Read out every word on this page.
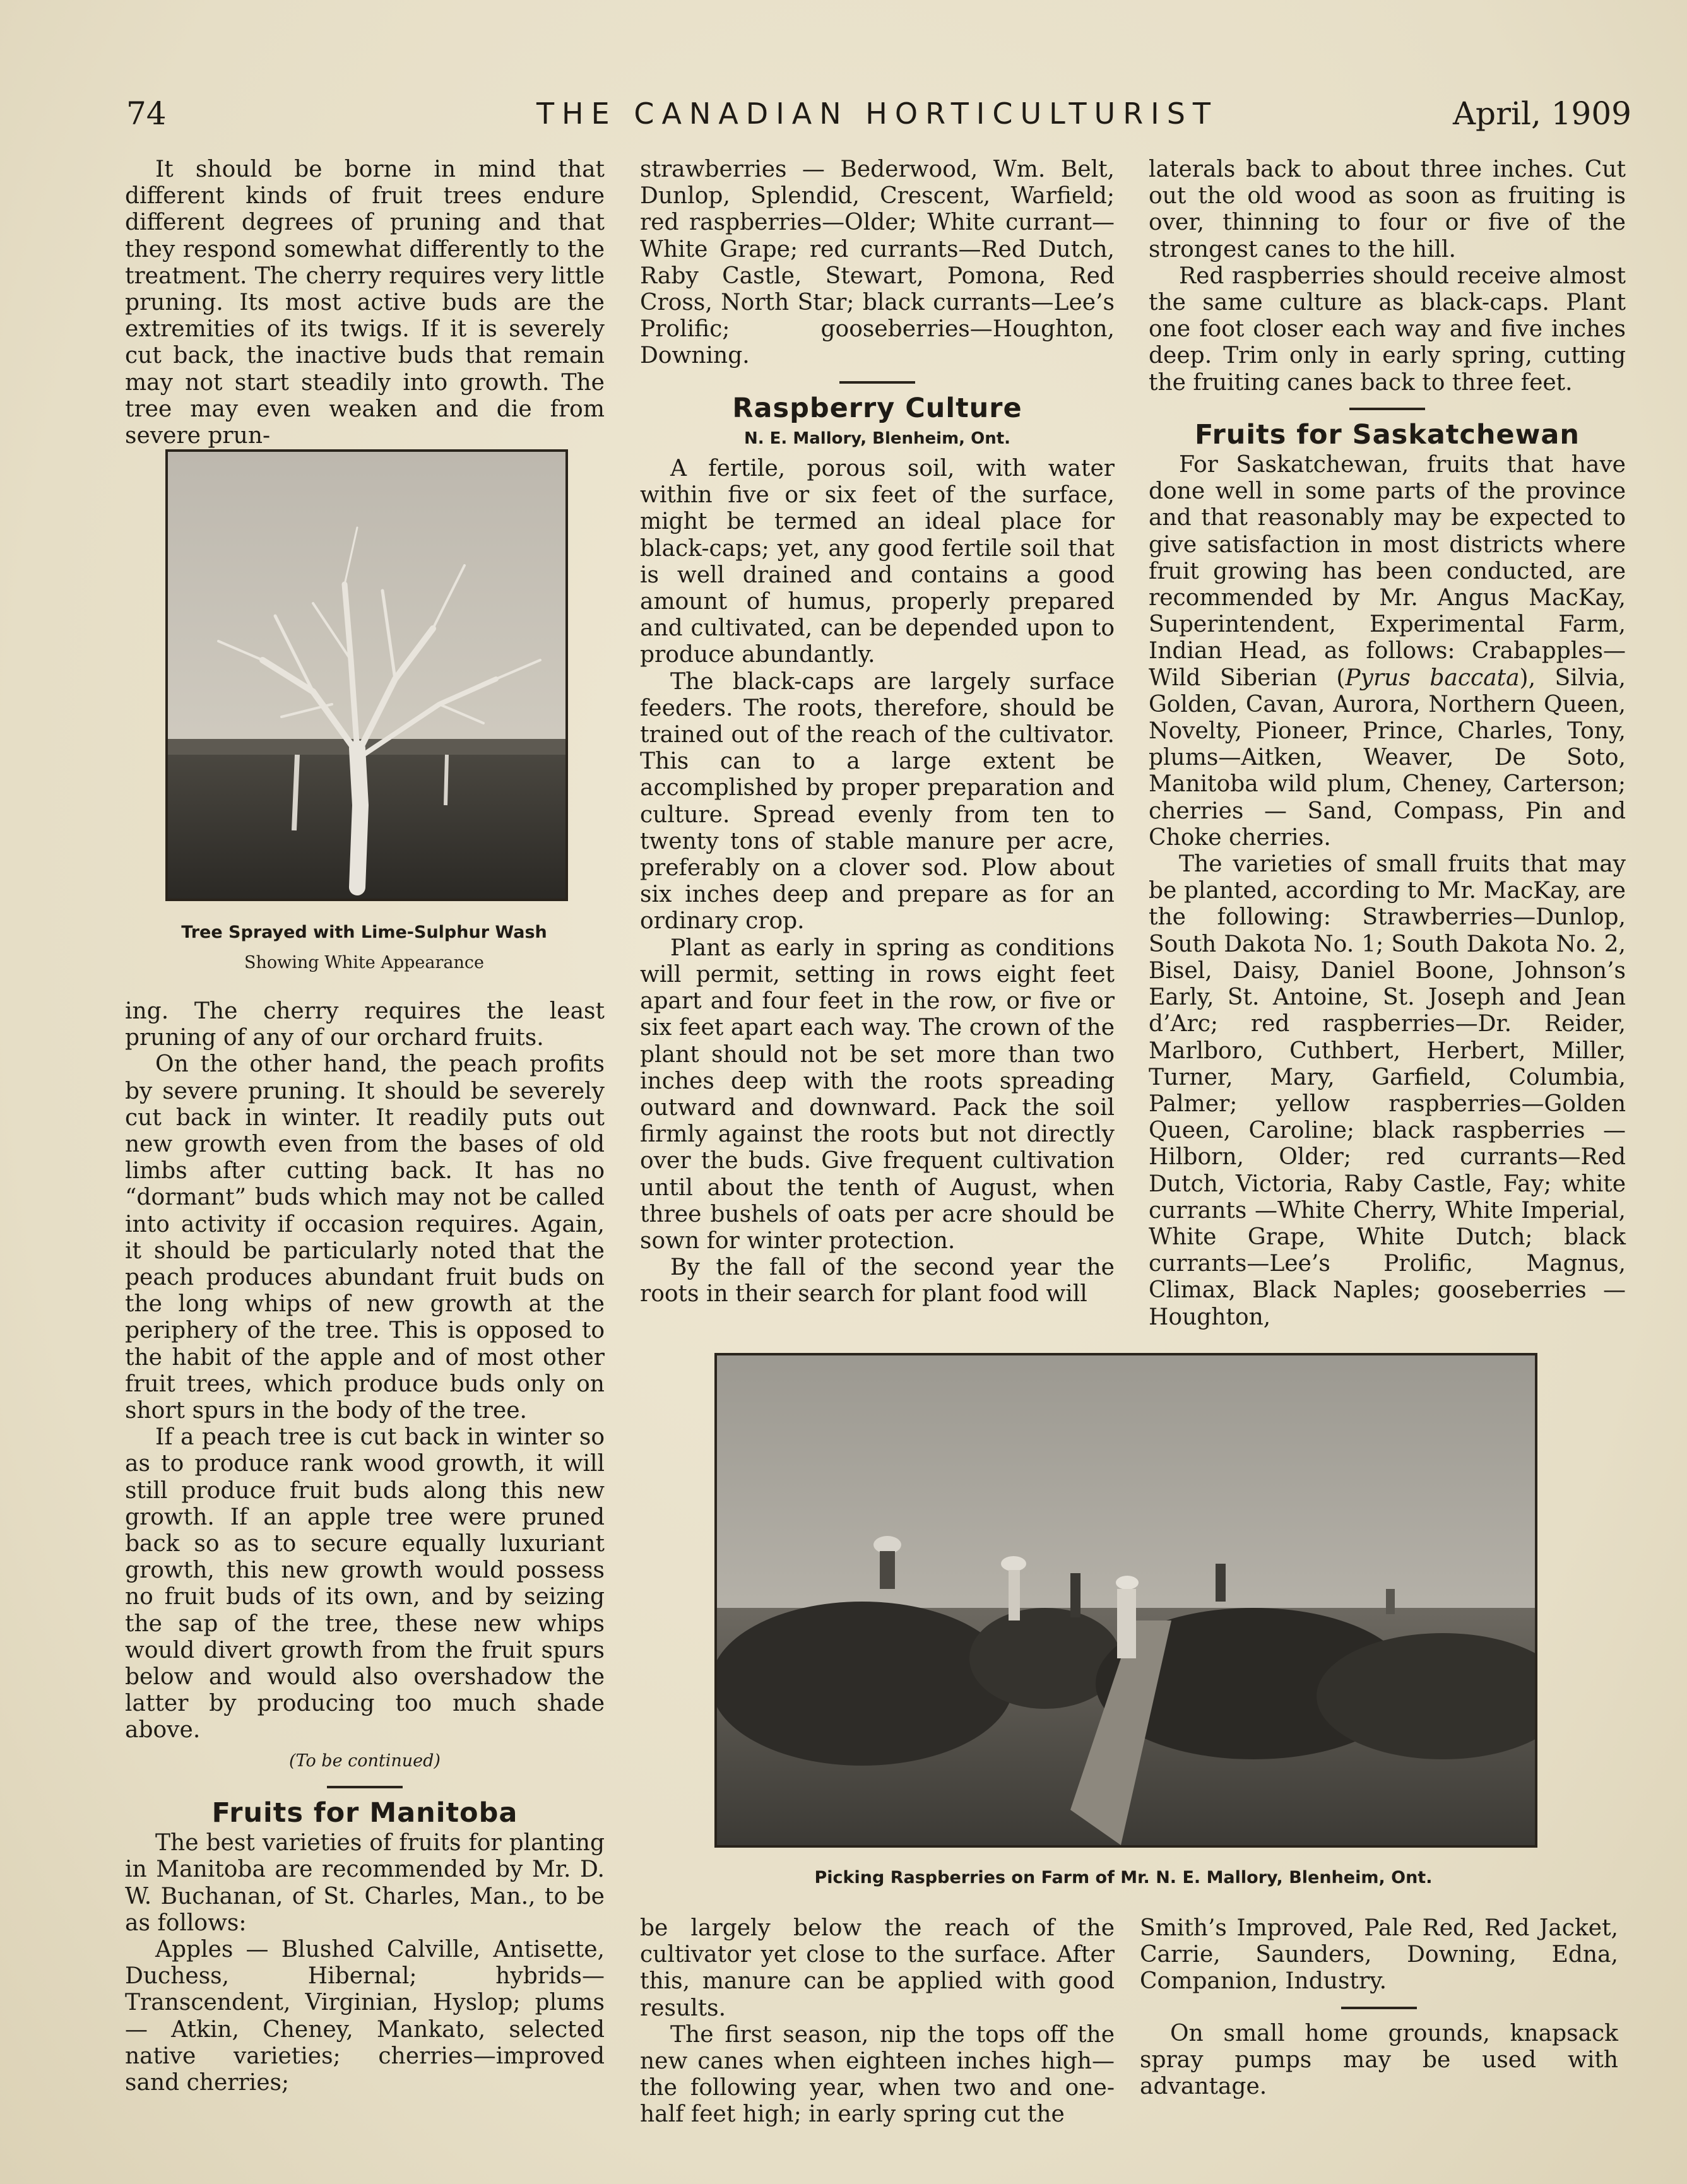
74	THE CANADIAN HORTICULTURIST	April, 1909

It should be borne in mind that different kinds of fruit trees endure different degrees of pruning and that they respond somewhat differently to the treatment. The cherry requires very little pruning. Its most active buds are the extremities of its twigs. If it is severely cut back, the inactive buds that remain may not start steadily into growth. The tree may even weaken and die from severe prun-

Tree Sprayed with Lime-Sulphur Wash
Showing White Appearance

ing. The cherry requires the least pruning of any of our orchard fruits.

On the other hand, the peach profits by severe pruning. It should be severely cut back in winter. It readily puts out new growth even from the bases of old limbs after cutting back. It has no “dormant” buds which may not be called into activity if occasion requires. Again, it should be particularly noted that the peach produces abundant fruit buds on the long whips of new growth at the periphery of the tree. This is opposed to the habit of the apple and of most other fruit trees, which produce buds only on short spurs in the body of the tree.

If a peach tree is cut back in winter so as to produce rank wood growth, it will still produce fruit buds along this new growth. If an apple tree were pruned back so as to secure equally luxuriant growth, this new growth would possess no fruit buds of its own, and by seizing the sap of the tree, these new whips would divert growth from the fruit spurs below and would also overshadow the latter by producing too much shade above.

(To be continued)
Fruits for Manitoba

The best varieties of fruits for planting in Manitoba are recommended by Mr. D. W. Buchanan, of St. Charles, Man., to be as follows:

Apples — Blushed Calville, Antisette, Duchess, Hibernal; hybrids—Transcendent, Virginian, Hyslop; plums — Atkin, Cheney, Mankato, selected native varieties; cherries—improved sand cherries;

strawberries — Bederwood, Wm. Belt, Dunlop, Splendid, Crescent, Warfield; red raspberries—Older; White currant—White Grape; red currants—Red Dutch, Raby Castle, Stewart, Pomona, Red Cross, North Star; black currants—Lee’s Prolific; gooseberries—Houghton, Downing.

Raspberry Culture
N. E. Mallory, Blenheim, Ont.

A fertile, porous soil, with water within five or six feet of the surface, might be termed an ideal place for black-caps; yet, any good fertile soil that is well drained and contains a good amount of humus, properly prepared and cultivated, can be depended upon to produce abundantly.

The black-caps are largely surface feeders. The roots, therefore, should be trained out of the reach of the cultivator. This can to a large extent be accomplished by proper preparation and culture. Spread evenly from ten to twenty tons of stable manure per acre, preferably on a clover sod. Plow about six inches deep and prepare as for an ordinary crop.

Plant as early in spring as conditions will permit, setting in rows eight feet apart and four feet in the row, or five or six feet apart each way. The crown of the plant should not be set more than two inches deep with the roots spreading outward and downward. Pack the soil firmly against the roots but not directly over the buds. Give frequent cultivation until about the tenth of August, when three bushels of oats per acre should be sown for winter protection.

By the fall of the second year the roots in their search for plant food will

laterals back to about three inches. Cut out the old wood as soon as fruiting is over, thinning to four or five of the strongest canes to the hill.

Red raspberries should receive almost the same culture as black-caps. Plant one foot closer each way and five inches deep. Trim only in early spring, cutting the fruiting canes back to three feet.

Fruits for Saskatchewan

For Saskatchewan, fruits that have done well in some parts of the province and that reasonably may be expected to give satisfaction in most districts where fruit growing has been conducted, are recommended by Mr. Angus MacKay, Superintendent, Experimental Farm, Indian Head, as follows: Crabapples—Wild Siberian (Pyrus baccata), Silvia, Golden, Cavan, Aurora, Northern Queen, Novelty, Pioneer, Prince, Charles, Tony, plums—Aitken, Weaver, De Soto, Manitoba wild plum, Cheney, Carterson; cherries — Sand, Compass, Pin and Choke cherries.

The varieties of small fruits that may be planted, according to Mr. MacKay, are the following: Strawberries—Dunlop, South Dakota No. 1; South Dakota No. 2, Bisel, Daisy, Daniel Boone, Johnson’s Early, St. Antoine, St. Joseph and Jean d’Arc; red raspberries—Dr. Reider, Marlboro, Cuthbert, Herbert, Miller, Turner, Mary, Garfield, Columbia, Palmer; yellow raspberries—Golden Queen, Caroline; black raspberries — Hilborn, Older; red currants—Red Dutch, Victoria, Raby Castle, Fay; white currants —White Cherry, White Imperial, White Grape, White Dutch; black currants—Lee’s Prolific, Magnus, Climax, Black Naples; gooseberries — Houghton,

Picking Raspberries on Farm of Mr. N. E. Mallory, Blenheim, Ont.

be largely below the reach of the cultivator yet close to the surface. After this, manure can be applied with good results.

The first season, nip the tops off the new canes when eighteen inches high—the following year, when two and one-half feet high; in early spring cut the

Smith’s Improved, Pale Red, Red Jacket, Carrie, Saunders, Downing, Edna, Companion, Industry.

On small home grounds, knapsack spray pumps may be used with advantage.
